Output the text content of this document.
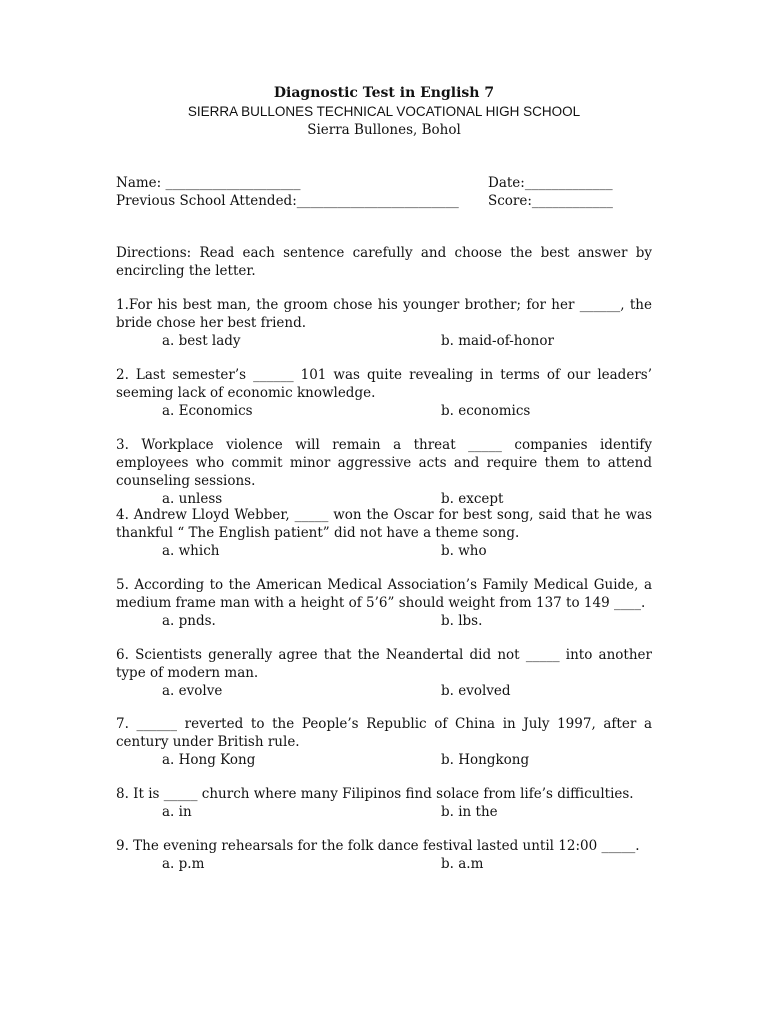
Diagnostic Test in English 7
SIERRA BULLONES TECHNICAL VOCATIONAL HIGH SCHOOL
Sierra Bullones, Bohol
Name: ____________________	Date:_____________
Previous School Attended:________________________ Score:____________
Directions: Read each sentence carefully and choose the best answer by encircling the letter.
1.For his best man, the groom chose his younger brother; for her ______, the bride chose her best friend.
a. best lady	b. maid-of-honor
2. Last semester’s ______ 101 was quite revealing in terms of our leaders’ seeming lack of economic knowledge.
a. Economics	b. economics
3. Workplace violence will remain a threat _____ companies identify employees who commit minor aggressive acts and require them to attend counseling sessions.
a. unless	b. except
4. Andrew Lloyd Webber, _____ won the Oscar for best song, said that he was thankful “ The English patient” did not have a theme song.
a. which	b. who
5. According to the American Medical Association’s Family Medical Guide, a medium frame man with a height of 5’6” should weight from 137 to 149 ____.
a. pnds.	b. lbs.
6. Scientists generally agree that the Neandertal did not _____ into another type of modern man.
a. evolve	b. evolved
7. ______ reverted to the People’s Republic of China in July 1997, after a century under British rule.
a. Hong Kong	b. Hongkong
8. It is _____ church where many Filipinos find solace from life’s difficulties.
a. in	b. in the
9. The evening rehearsals for the folk dance festival lasted until 12:00 _____.
a. p.m	b. a.m
